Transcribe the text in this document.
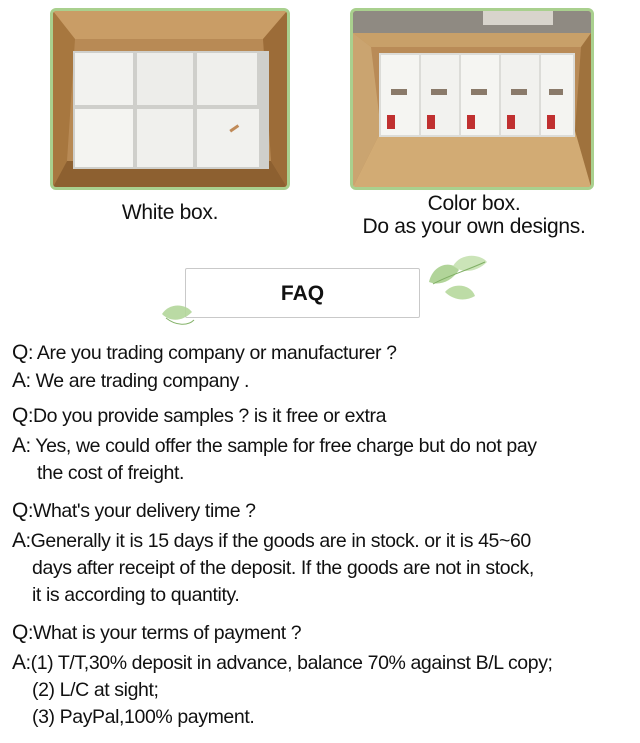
White box.	Color box.
Do as your own designs.
FAQ
Q: Are you trading company or manufacturer ?
A: We are trading company .
Q:Do you provide samples ? is it free or extra
A: Yes, we could offer the sample for free charge but do not pay
the cost of freight.
Q:What's your delivery time ?
A:Generally it is 15 days if the goods are in stock. or it is 45~60
days after receipt of the deposit. If the goods are not in stock,
it is according to quantity.
Q:What is your terms of payment ?
A:(1) T/T,30% deposit in advance, balance 70% against B/L copy;
(2) L/C at sight;
(3) PayPal,100% payment.
